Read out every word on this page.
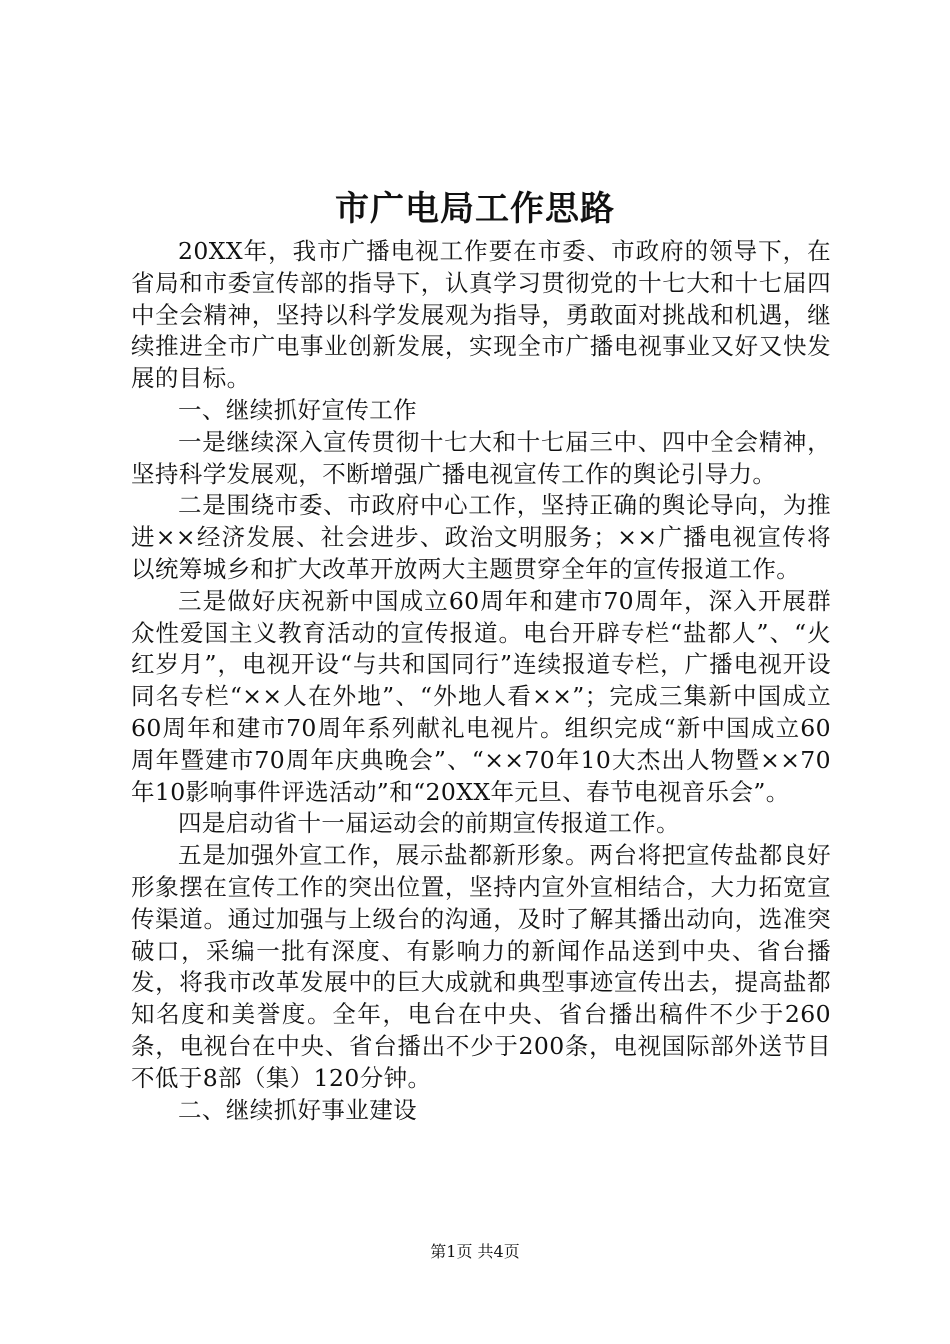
市广电局工作思路

20XX年，我市广播电视工作要在市委、市政府的领导下，在省局和市委宣传部的指导下，认真学习贯彻党的十七大和十七届四中全会精神，坚持以科学发展观为指导，勇敢面对挑战和机遇，继续推进全市广电事业创新发展，实现全市广播电视事业又好又快发展的目标。

一、继续抓好宣传工作

一是继续深入宣传贯彻十七大和十七届三中、四中全会精神，坚持科学发展观，不断增强广播电视宣传工作的舆论引导力。

二是围绕市委、市政府中心工作，坚持正确的舆论导向，为推进××经济发展、社会进步、政治文明服务；××广播电视宣传将以统筹城乡和扩大改革开放两大主题贯穿全年的宣传报道工作。

三是做好庆祝新中国成立60周年和建市70周年，深入开展群众性爱国主义教育活动的宣传报道。电台开辟专栏“盐都人”、“火红岁月”，电视开设“与共和国同行”连续报道专栏，广播电视开设同名专栏“××人在外地”、“外地人看××”；完成三集新中国成立60周年和建市70周年系列献礼电视片。组织完成“新中国成立60周年暨建市70周年庆典晚会”、“××70年10大杰出人物暨××70年10影响事件评选活动”和“20XX年元旦、春节电视音乐会”。

四是启动省十一届运动会的前期宣传报道工作。

五是加强外宣工作，展示盐都新形象。两台将把宣传盐都良好形象摆在宣传工作的突出位置，坚持内宣外宣相结合，大力拓宽宣传渠道。通过加强与上级台的沟通，及时了解其播出动向，选准突破口，采编一批有深度、有影响力的新闻作品送到中央、省台播发，将我市改革发展中的巨大成就和典型事迹宣传出去，提高盐都知名度和美誉度。全年，电台在中央、省台播出稿件不少于260条，电视台在中央、省台播出不少于200条，电视国际部外送节目不低于8部（集）120分钟。

二、继续抓好事业建设

第1页 共4页
